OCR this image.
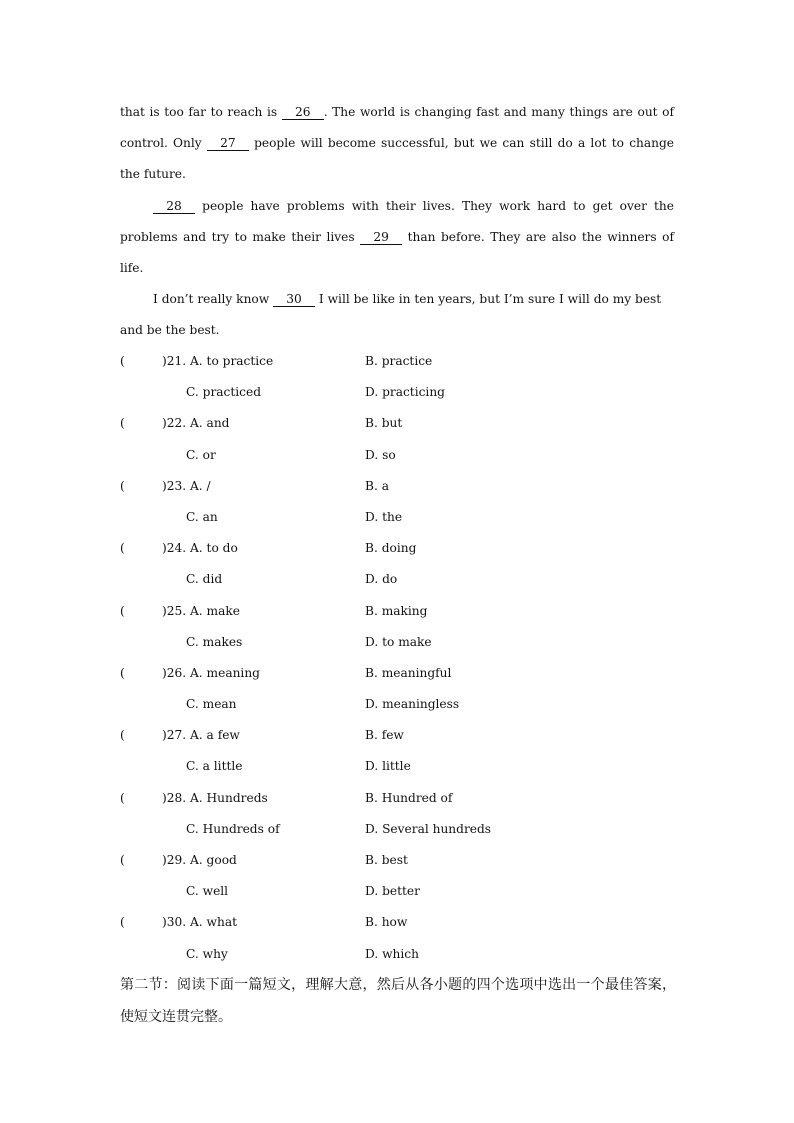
that is too far to reach is 26 . The world is changing fast and many things are out of control. Only 27 people will become successful, but we can still do a lot to change the future.

28 people have problems with their lives. They work hard to get over the problems and try to make their lives 29 than before. They are also the winners of life.

I don’t really know 30 I will be like in ten years, but I’m sure I will do my best and be the best.

(	)21. A. to practice	B. practice
C. practiced	D. practicing
(	)22. A. and	B. but
C. or	D. so
(	)23. A. /	B. a
C. an	D. the
(	)24. A. to do	B. doing
C. did	D. do
(	)25. A. make	B. making
C. makes	D. to make
(	)26. A. meaning	B. meaningful
C. mean	D. meaningless
(	)27. A. a few	B. few
C. a little	D. little
(	)28. A. Hundreds	B. Hundred of
C. Hundreds of	D. Several hundreds
(	)29. A. good	B. best
C. well	D. better
(	)30. A. what	B. how
C. why	D. which
第二节：阅读下面一篇短文，理解大意，然后从各小题的四个选项中选出一个最佳答案，使短文连贯完整。
